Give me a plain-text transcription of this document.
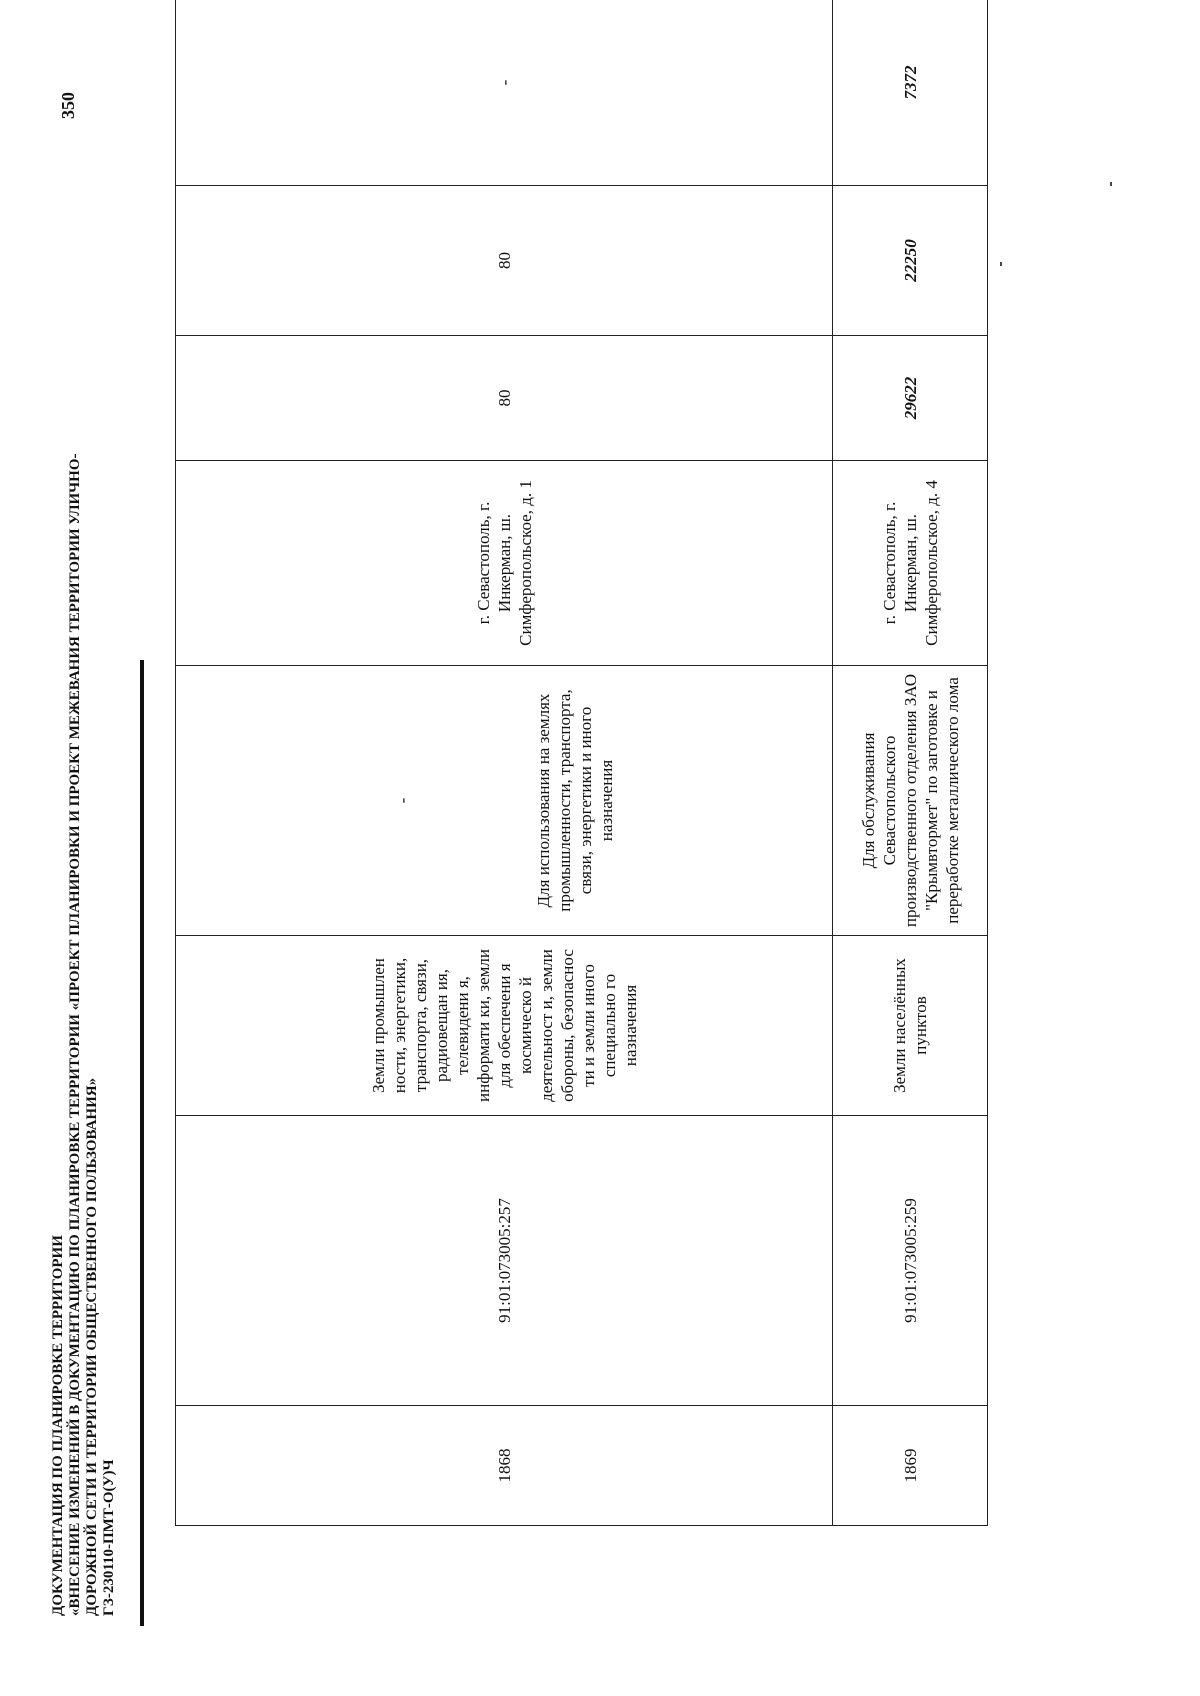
ДОКУМЕНТАЦИЯ ПО ПЛАНИРОВКЕ ТЕРРИТОРИИ «ВНЕСЕНИЕ ИЗМЕНЕНИЙ В ДОКУМЕНТАЦИЮ ПО ПЛАНИРОВКЕ ТЕРРИТОРИИ «ПРОЕКТ ПЛАНИРОВКИ И ПРОЕКТ МЕЖЕВАНИЯ ТЕРРИТОРИИ УЛИЧНО- ДОРОЖНОЙ СЕТИ И ТЕРРИТОРИИ ОБЩЕСТВЕННОГО ПОЛЬЗОВАНИЯ» ГЗ-230110-ПМТ-О(У)Ч
350
1868	91:01:073005:257	Земли промышлен ности, энергетики, транспорта, связи, радиовещан ия, телевидени я, информати ки, земли для обеспечени я космическо й деятельност и, земли обороны, безопаснос ти и земли иного специально го назначения	- Для использования на землях промышленности, транспорта, связи, энергетики и иного назначения	г. Севастополь, г. Инкерман, ш. Симферопольское, д. 1	80	80	-
1869	91:01:073005:259	Земли населённых пунктов	Для обслуживания Севастопольского производственного отделения ЗАО "Крымвтормет" по заготовке и переработке металлического лома	г. Севастополь, г. Инкерман, ш. Симферопольское, д. 4	29622	22250	7372
